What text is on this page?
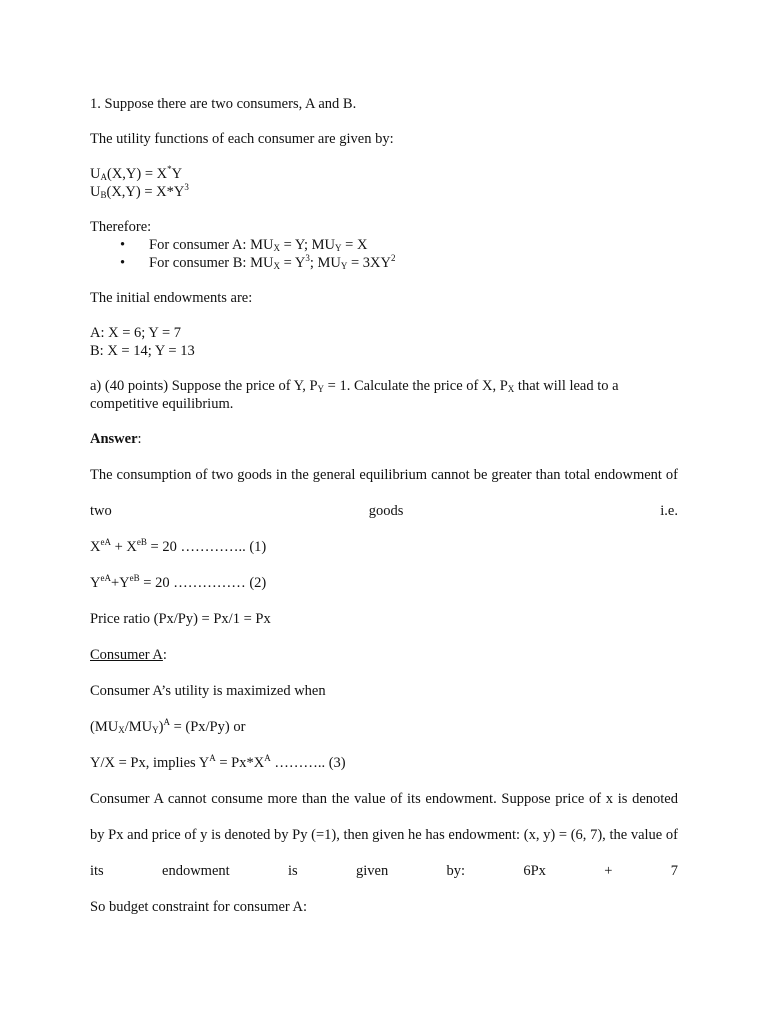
1. Suppose there are two consumers, A and B.
The utility functions of each consumer are given by:
$U_A(X,Y) = X^*Y$
$U_B(X,Y) = X*Y^3$
Therefore:
• For consumer A: $MU_X = Y$; $MU_Y = X$
• For consumer B: $MU_X = Y^3$; $MU_Y = 3XY^2$
The initial endowments are:
A: X = 6; Y = 7
B: X = 14; Y = 13
a) (40 points) Suppose the price of Y, $P_Y = 1$. Calculate the price of X, $P_X$ that will lead to a
competitive equilibrium.
Answer:
The consumption of two goods in the general equilibrium cannot be greater than total endowment of two goods i.e.
$X^{eA} + X^{eB} = 20$ ………….. (1)
$Y^{eA}+Y^{eB} = 20$ …………… (2)
Price ratio (Px/Py) = Px/1 = Px
Consumer A:
Consumer A’s utility is maximized when
$(MU_X/MU_Y)^A = (Px/Py)$ or
Y/X = Px, implies $Y^A = Px*X^A$ ……….. (3)
Consumer A cannot consume more than the value of its endowment. Suppose price of x is denoted by Px and price of y is denoted by Py (=1), then given he has endowment: (x, y) = (6, 7), the value of its endowment is given by: 6Px + 7
So budget constraint for consumer A:
